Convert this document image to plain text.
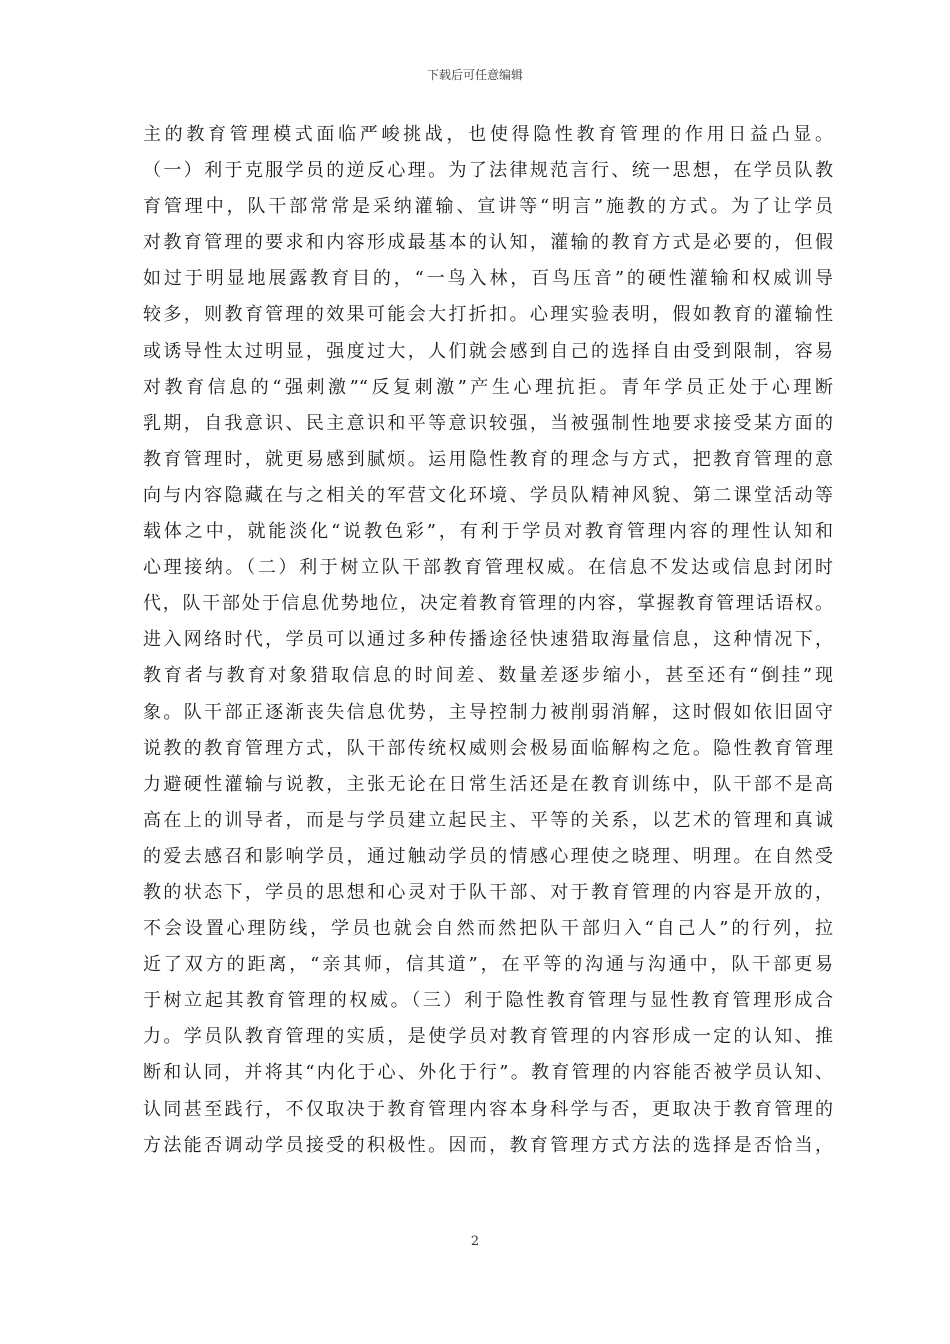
下载后可任意编辑
主的教育管理模式面临严峻挑战，也使得隐性教育管理的作用日益凸显。
（一）利于克服学员的逆反心理。为了法律规范言行、统一思想，在学员队教
育管理中，队干部常常是采纳灌输、宣讲等“明言”施教的方式。为了让学员
对教育管理的要求和内容形成最基本的认知，灌输的教育方式是必要的，但假
如过于明显地展露教育目的，“一鸟入林，百鸟压音”的硬性灌输和权威训导
较多，则教育管理的效果可能会大打折扣。心理实验表明，假如教育的灌输性
或诱导性太过明显，强度过大，人们就会感到自己的选择自由受到限制，容易
对教育信息的“强刺激”“反复刺激”产生心理抗拒。青年学员正处于心理断
乳期，自我意识、民主意识和平等意识较强，当被强制性地要求接受某方面的
教育管理时，就更易感到腻烦。运用隐性教育的理念与方式，把教育管理的意
向与内容隐藏在与之相关的军营文化环境、学员队精神风貌、第二课堂活动等
载体之中，就能淡化“说教色彩”，有利于学员对教育管理内容的理性认知和
心理接纳。（二）利于树立队干部教育管理权威。在信息不发达或信息封闭时
代，队干部处于信息优势地位，决定着教育管理的内容，掌握教育管理话语权。
进入网络时代，学员可以通过多种传播途径快速猎取海量信息，这种情况下，
教育者与教育对象猎取信息的时间差、数量差逐步缩小，甚至还有“倒挂”现
象。队干部正逐渐丧失信息优势，主导控制力被削弱消解，这时假如依旧固守
说教的教育管理方式，队干部传统权威则会极易面临解构之危。隐性教育管理
力避硬性灌输与说教，主张无论在日常生活还是在教育训练中，队干部不是高
高在上的训导者，而是与学员建立起民主、平等的关系，以艺术的管理和真诚
的爱去感召和影响学员，通过触动学员的情感心理使之晓理、明理。在自然受
教的状态下，学员的思想和心灵对于队干部、对于教育管理的内容是开放的，
不会设置心理防线，学员也就会自然而然把队干部归入“自己人”的行列，拉
近了双方的距离，“亲其师，信其道”，在平等的沟通与沟通中，队干部更易
于树立起其教育管理的权威。（三）利于隐性教育管理与显性教育管理形成合
力。学员队教育管理的实质，是使学员对教育管理的内容形成一定的认知、推
断和认同，并将其“内化于心、外化于行”。教育管理的内容能否被学员认知、
认同甚至践行，不仅取决于教育管理内容本身科学与否，更取决于教育管理的
方法能否调动学员接受的积极性。因而，教育管理方式方法的选择是否恰当，
2
